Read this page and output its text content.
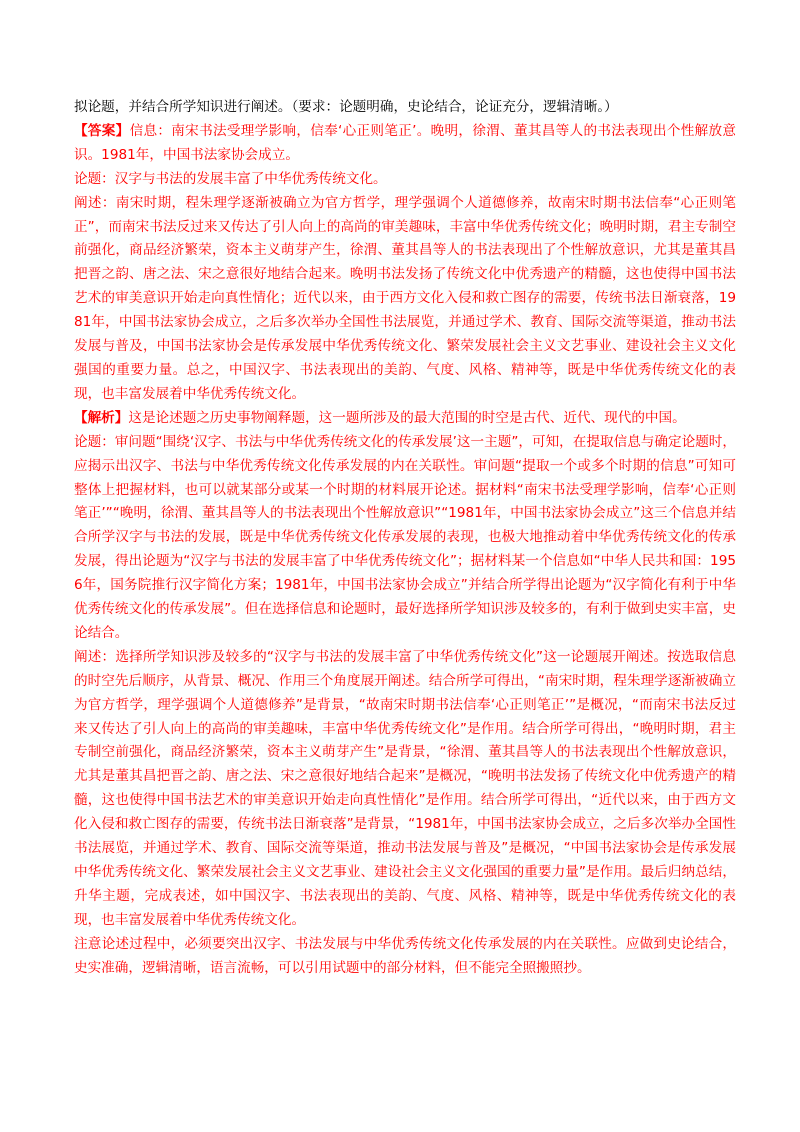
拟论题，并结合所学知识进行阐述。（要求：论题明确，史论结合，论证充分，逻辑清晰。）

【答案】信息：南宋书法受理学影响，信奉‘心正则笔正’。晚明，徐渭、董其昌等人的书法表现出个性解放意识。1981年，中国书法家协会成立。

论题：汉字与书法的发展丰富了中华优秀传统文化。

阐述：南宋时期，程朱理学逐渐被确立为官方哲学，理学强调个人道德修养，故南宋时期书法信奉“心正则笔正”，而南宋书法反过来又传达了引人向上的高尚的审美趣味，丰富中华优秀传统文化；晚明时期，君主专制空前强化，商品经济繁荣，资本主义萌芽产生，徐渭、董其昌等人的书法表现出了个性解放意识，尤其是董其昌把晋之韵、唐之法、宋之意很好地结合起来。晚明书法发扬了传统文化中优秀遗产的精髓，这也使得中国书法艺术的审美意识开始走向真性情化；近代以来，由于西方文化入侵和救亡图存的需要，传统书法日渐衰落，1981年，中国书法家协会成立，之后多次举办全国性书法展览，并通过学术、教育、国际交流等渠道，推动书法发展与普及，中国书法家协会是传承发展中华优秀传统文化、繁荣发展社会主义文艺事业、建设社会主义文化强国的重要力量。总之，中国汉字、书法表现出的美韵、气度、风格、精神等，既是中华优秀传统文化的表现，也丰富发展着中华优秀传统文化。

【解析】这是论述题之历史事物阐释题，这一题所涉及的最大范围的时空是古代、近代、现代的中国。

论题：审问题“围绕‘汉字、书法与中华优秀传统文化的传承发展’这一主题”，可知，在提取信息与确定论题时，应揭示出汉字、书法与中华优秀传统文化传承发展的内在关联性。审问题“提取一个或多个时期的信息”可知可整体上把握材料，也可以就某部分或某一个时期的材料展开论述。据材料“南宋书法受理学影响，信奉‘心正则笔正’”“晚明，徐渭、董其昌等人的书法表现出个性解放意识”“1981年，中国书法家协会成立”这三个信息并结合所学汉字与书法的发展，既是中华优秀传统文化传承发展的表现，也极大地推动着中华优秀传统文化的传承发展，得出论题为“汉字与书法的发展丰富了中华优秀传统文化”；据材料某一个信息如“中华人民共和国：1956年，国务院推行汉字简化方案；1981年，中国书法家协会成立”并结合所学得出论题为“汉字简化有利于中华优秀传统文化的传承发展”。但在选择信息和论题时，最好选择所学知识涉及较多的，有利于做到史实丰富，史论结合。

阐述：选择所学知识涉及较多的“汉字与书法的发展丰富了中华优秀传统文化”这一论题展开阐述。按选取信息的时空先后顺序，从背景、概况、作用三个角度展开阐述。结合所学可得出，“南宋时期，程朱理学逐渐被确立为官方哲学，理学强调个人道德修养”是背景，“故南宋时期书法信奉‘心正则笔正’”是概况，“而南宋书法反过来又传达了引人向上的高尚的审美趣味，丰富中华优秀传统文化”是作用。结合所学可得出，“晚明时期，君主专制空前强化，商品经济繁荣，资本主义萌芽产生”是背景，“徐渭、董其昌等人的书法表现出个性解放意识，尤其是董其昌把晋之韵、唐之法、宋之意很好地结合起来”是概况，“晚明书法发扬了传统文化中优秀遗产的精髓，这也使得中国书法艺术的审美意识开始走向真性情化”是作用。结合所学可得出，“近代以来，由于西方文化入侵和救亡图存的需要，传统书法日渐衰落”是背景，“1981年，中国书法家协会成立，之后多次举办全国性书法展览，并通过学术、教育、国际交流等渠道，推动书法发展与普及”是概况，“中国书法家协会是传承发展中华优秀传统文化、繁荣发展社会主义文艺事业、建设社会主义文化强国的重要力量”是作用。最后归纳总结，升华主题，完成表述，如中国汉字、书法表现出的美韵、气度、风格、精神等，既是中华优秀传统文化的表现，也丰富发展着中华优秀传统文化。

注意论述过程中，必须要突出汉字、书法发展与中华优秀传统文化传承发展的内在关联性。应做到史论结合，史实准确，逻辑清晰，语言流畅，可以引用试题中的部分材料，但不能完全照搬照抄。
